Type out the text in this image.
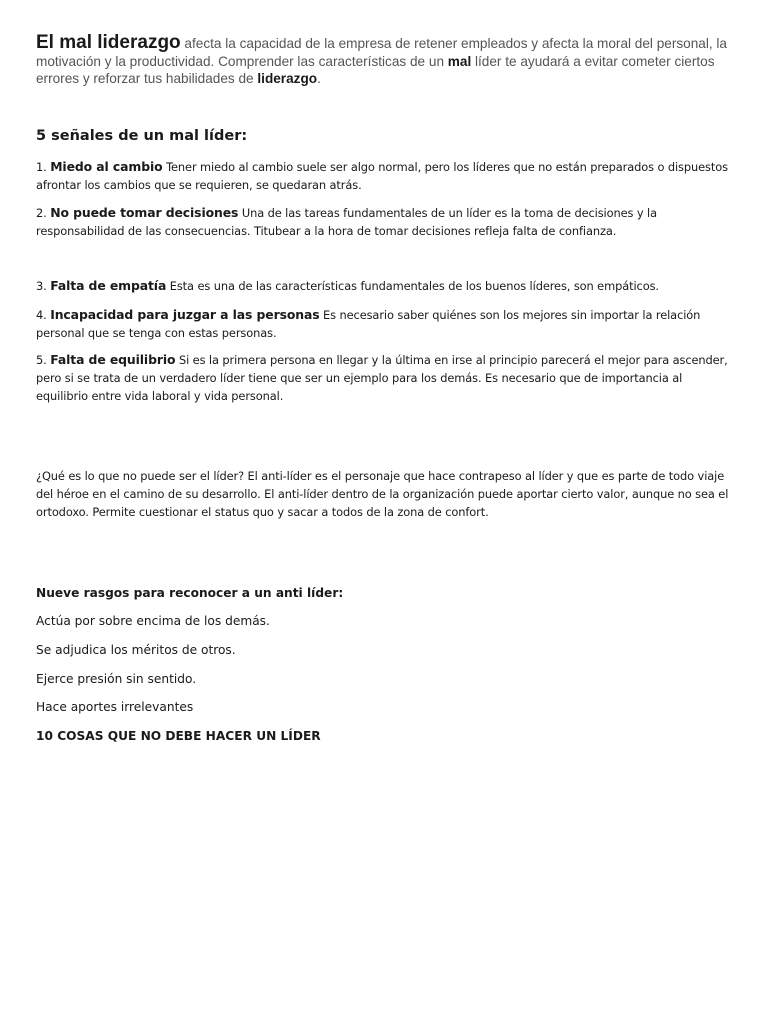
El mal liderazgo afecta la capacidad de la empresa de retener empleados y afecta la moral del personal, la motivación y la productividad. Comprender las características de un mal líder te ayudará a evitar cometer ciertos errores y reforzar tus habilidades de liderazgo.
5 señales de un mal líder:
1. Miedo al cambio Tener miedo al cambio suele ser algo normal, pero los líderes que no están preparados o dispuestos afrontar los cambios que se requieren, se quedaran atrás.
2. No puede tomar decisiones Una de las tareas fundamentales de un líder es la toma de decisiones y la responsabilidad de las consecuencias. Titubear a la hora de tomar decisiones refleja falta de confianza.
3. Falta de empatía Esta es una de las características fundamentales de los buenos líderes, son empáticos.
4. Incapacidad para juzgar a las personas Es necesario saber quiénes son los mejores sin importar la relación personal que se tenga con estas personas.
5. Falta de equilibrio Si es la primera persona en llegar y la última en irse al principio parecerá el mejor para ascender, pero si se trata de un verdadero líder tiene que ser un ejemplo para los demás. Es necesario que de importancia al equilibrio entre vida laboral y vida personal.
¿Qué es lo que no puede ser el líder? El anti-líder es el personaje que hace contrapeso al líder y que es parte de todo viaje del héroe en el camino de su desarrollo. El anti-líder dentro de la organización puede aportar cierto valor, aunque no sea el ortodoxo. Permite cuestionar el status quo y sacar a todos de la zona de confort.
Nueve rasgos para reconocer a un anti líder:
Actúa por sobre encima de los demás.
Se adjudica los méritos de otros.
Ejerce presión sin sentido.
Hace aportes irrelevantes
10 COSAS QUE NO DEBE HACER UN LÍDER
